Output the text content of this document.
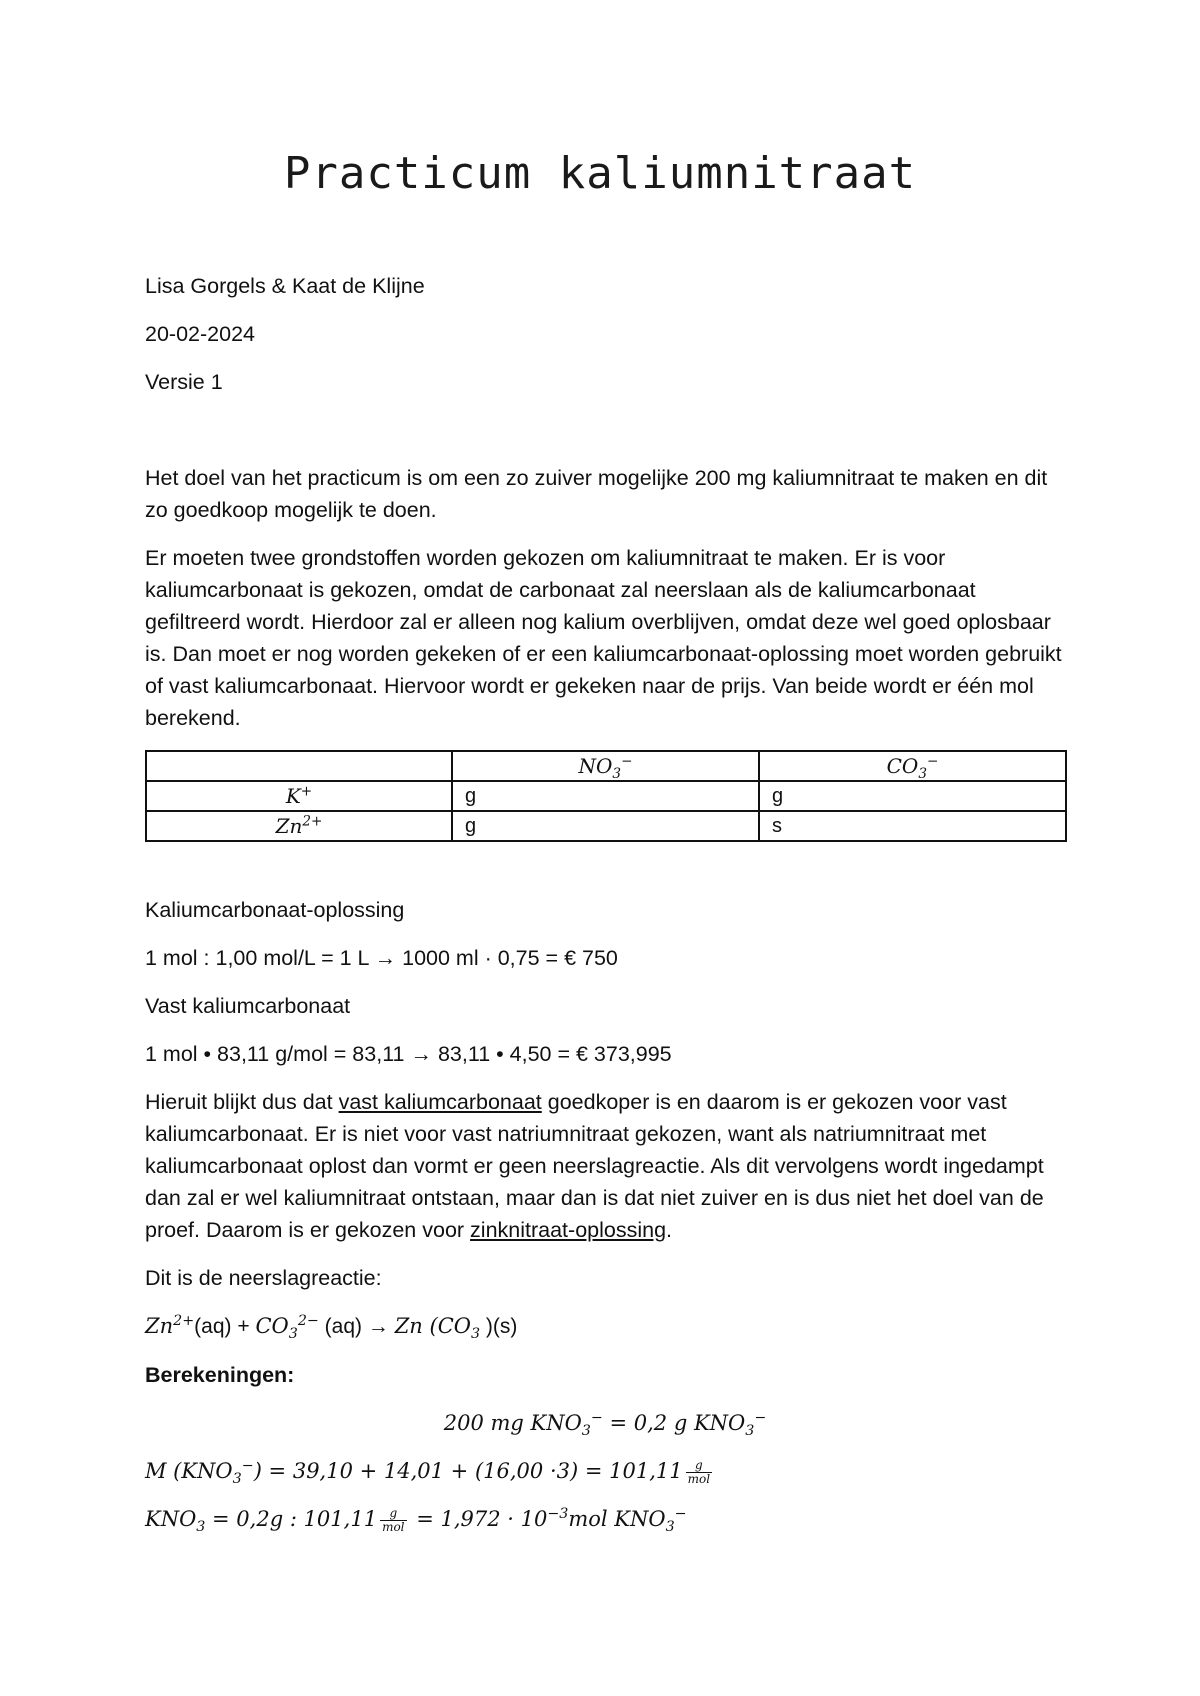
Practicum kaliumnitraat

Lisa Gorgels & Kaat de Klijne

20-02-2024

Versie 1

Het doel van het practicum is om een zo zuiver mogelijke 200 mg kaliumnitraat te maken en dit zo goedkoop mogelijk te doen.

Er moeten twee grondstoffen worden gekozen om kaliumnitraat te maken. Er is voor kaliumcarbonaat is gekozen, omdat de carbonaat zal neerslaan als de kaliumcarbonaat gefiltreerd wordt. Hierdoor zal er alleen nog kalium overblijven, omdat deze wel goed oplosbaar is. Dan moet er nog worden gekeken of er een kaliumcarbonaat-oplossing moet worden gebruikt of vast kaliumcarbonaat. Hiervoor wordt er gekeken naar de prijs. Van beide wordt er één mol berekend.

	$NO_3^-$	$CO_3^-$
K+	g	g
$Zn^{2+}$	g	s

Kaliumcarbonaat-oplossing

1 mol : 1,00 mol/L = 1 L → 1000 ml · 0,75 = € 750

Vast kaliumcarbonaat

1 mol • 83,11 g/mol = 83,11 → 83,11 • 4,50 = € 373,995

Hieruit blijkt dus dat vast kaliumcarbonaat goedkoper is en daarom is er gekozen voor vast kaliumcarbonaat. Er is niet voor vast natriumnitraat gekozen, want als natriumnitraat met kaliumcarbonaat oplost dan vormt er geen neerslagreactie. Als dit vervolgens wordt ingedampt dan zal er wel kaliumnitraat ontstaan, maar dan is dat niet zuiver en is dus niet het doel van de proef. Daarom is er gekozen voor zinknitraat-oplossing.

Dit is de neerslagreactie:

$Zn^{2+}(aq) + CO_3^{2-}$ (aq) → Zn ($CO_3$ )(s)

Berekeningen:

200 mg $KNO_3^- = 0,2$ g $KNO_3^-$

M $(KNO_3^-) = 39,10 + 14,01 + (16,00 \cdot 3) = 101,11 \frac{g}{\text{mol}}$

$KNO_3 = 0,2g$ : $101,11 \frac{g}{\text{mol}} = 1,972 \cdot 10^{-3}mol$ $KNO_3^-$
